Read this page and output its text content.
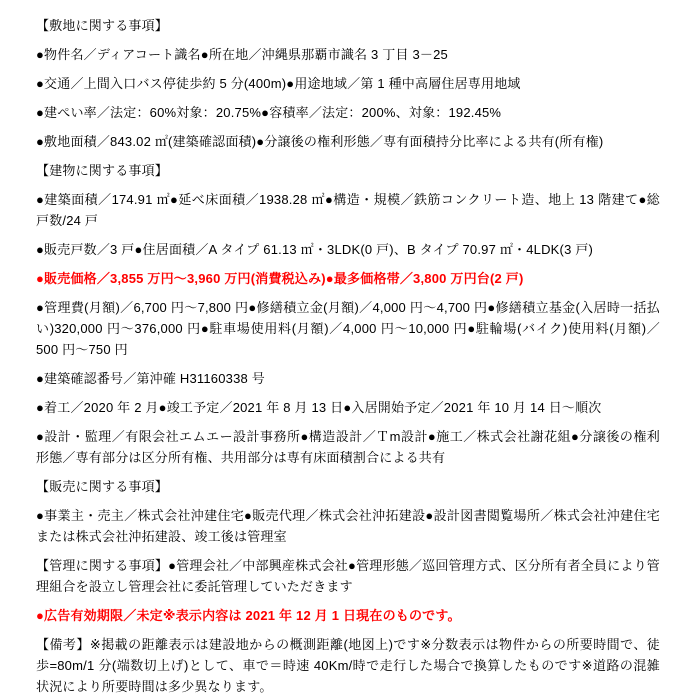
【敷地に関する事項】

●物件名／ディアコート識名●所在地／沖縄県那覇市識名 3 丁目 3－25

●交通／上間入口バス停徒歩約 5 分(400m)●用途地域／第 1 種中高層住居専用地域

●建ぺい率／法定：60%対象：20.75%●容積率／法定：200%、対象：192.45%

●敷地面積／843.02 ㎡(建築確認面積)●分譲後の権利形態／専有面積持分比率による共有(所有権)

【建物に関する事項】

●建築面積／174.91 ㎡●延べ床面積／1938.28 ㎡●構造・規模／鉄筋コンクリート造、地上 13 階建て●総戸数/24 戸

●販売戸数／3 戸●住居面積／A タイプ 61.13 ㎡・3LDK(0 戸)、B タイプ 70.97 ㎡・4LDK(3 戸)

●販売価格／3,855 万円～3,960 万円(消費税込み)●最多価格帯／3,800 万円台(2 戸)

●管理費(月額)／6,700 円～7,800 円●修繕積立金(月額)／4,000 円～4,700 円●修繕積立基金(入居時一括払い)320,000 円～376,000 円●駐車場使用料(月額)／4,000 円～10,000 円●駐輪場(バイク)使用料(月額)／500 円～750 円

●建築確認番号／第沖確 H31160338 号

●着工／2020 年 2 月●竣工予定／2021 年 8 月 13 日●入居開始予定／2021 年 10 月 14 日～順次

●設計・監理／有限会社エムエー設計事務所●構造設計／Ｔm設計●施工／株式会社謝花組●分譲後の権利形態／専有部分は区分所有権、共用部分は専有床面積割合による共有

【販売に関する事項】

●事業主・売主／株式会社沖建住宅●販売代理／株式会社沖拓建設●設計図書閲覧場所／株式会社沖建住宅または株式会社沖拓建設、竣工後は管理室

【管理に関する事項】●管理会社／中部興産株式会社●管理形態／巡回管理方式、区分所有者全員により管理組合を設立し管理会社に委託管理していただきます

●広告有効期限／未定※表示内容は 2021 年 12 月 1 日現在のものです。

【備考】※掲載の距離表示は建設地からの概測距離(地図上)です※分数表示は物件からの所要時間で、徒歩=80m/1 分(端数切上げ)として、車で＝時速 40Km/時で走行した場合で換算したものです※道路の混雑状況により所要時間は多少異なります。
